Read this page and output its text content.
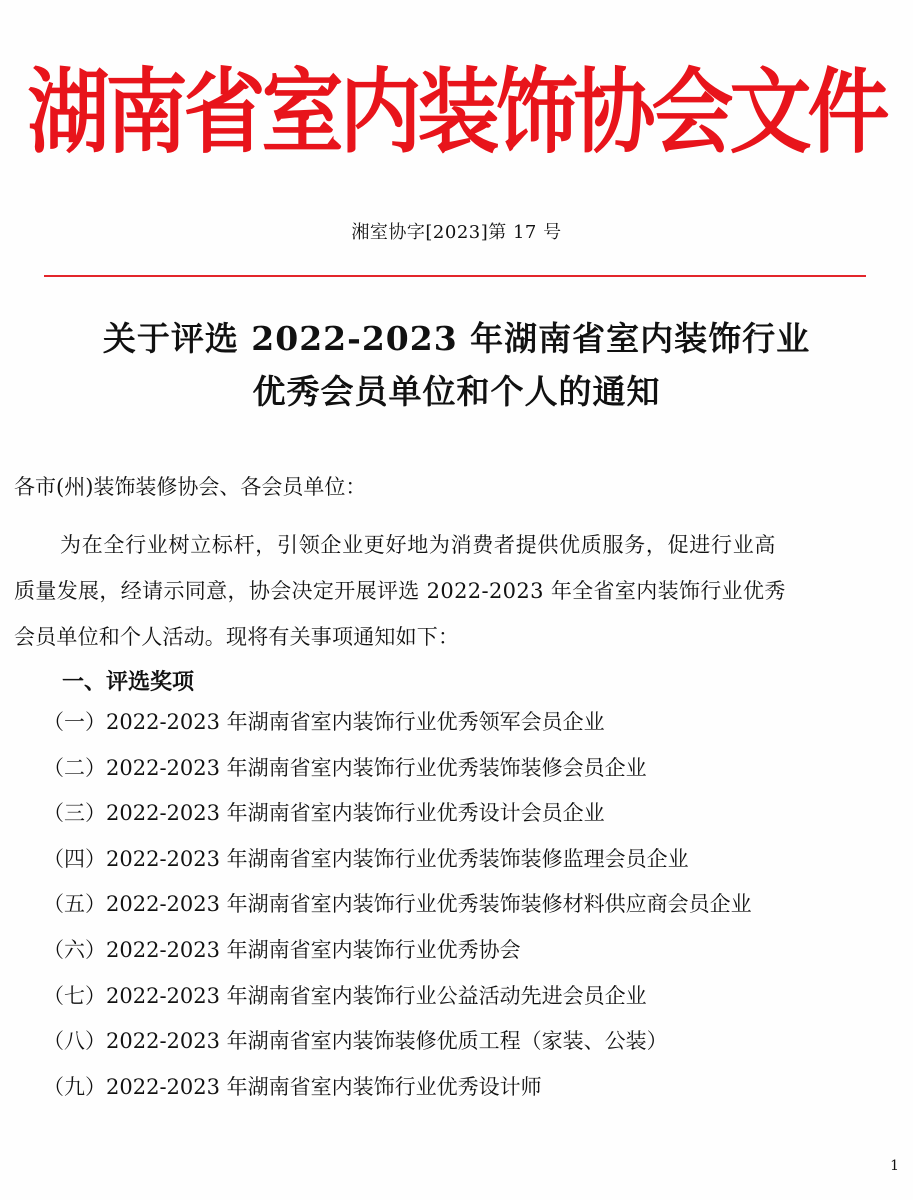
湖南省室内装饰协会文件
湘室协字[2023]第 17 号
关于评选 2022-2023 年湖南省室内装饰行业
优秀会员单位和个人的通知
各市(州)装饰装修协会、各会员单位：
为在全行业树立标杆，引领企业更好地为消费者提供优质服务，促进行业高
质量发展，经请示同意，协会决定开展评选 2022-2023 年全省室内装饰行业优秀
会员单位和个人活动。现将有关事项通知如下：
一、评选奖项
（一）2022-2023 年湖南省室内装饰行业优秀领军会员企业
（二）2022-2023 年湖南省室内装饰行业优秀装饰装修会员企业
（三）2022-2023 年湖南省室内装饰行业优秀设计会员企业
（四）2022-2023 年湖南省室内装饰行业优秀装饰装修监理会员企业
（五）2022-2023 年湖南省室内装饰行业优秀装饰装修材料供应商会员企业
（六）2022-2023 年湖南省室内装饰行业优秀协会
（七）2022-2023 年湖南省室内装饰行业公益活动先进会员企业
（八）2022-2023 年湖南省室内装饰装修优质工程（家装、公装）
（九）2022-2023 年湖南省室内装饰行业优秀设计师
1
